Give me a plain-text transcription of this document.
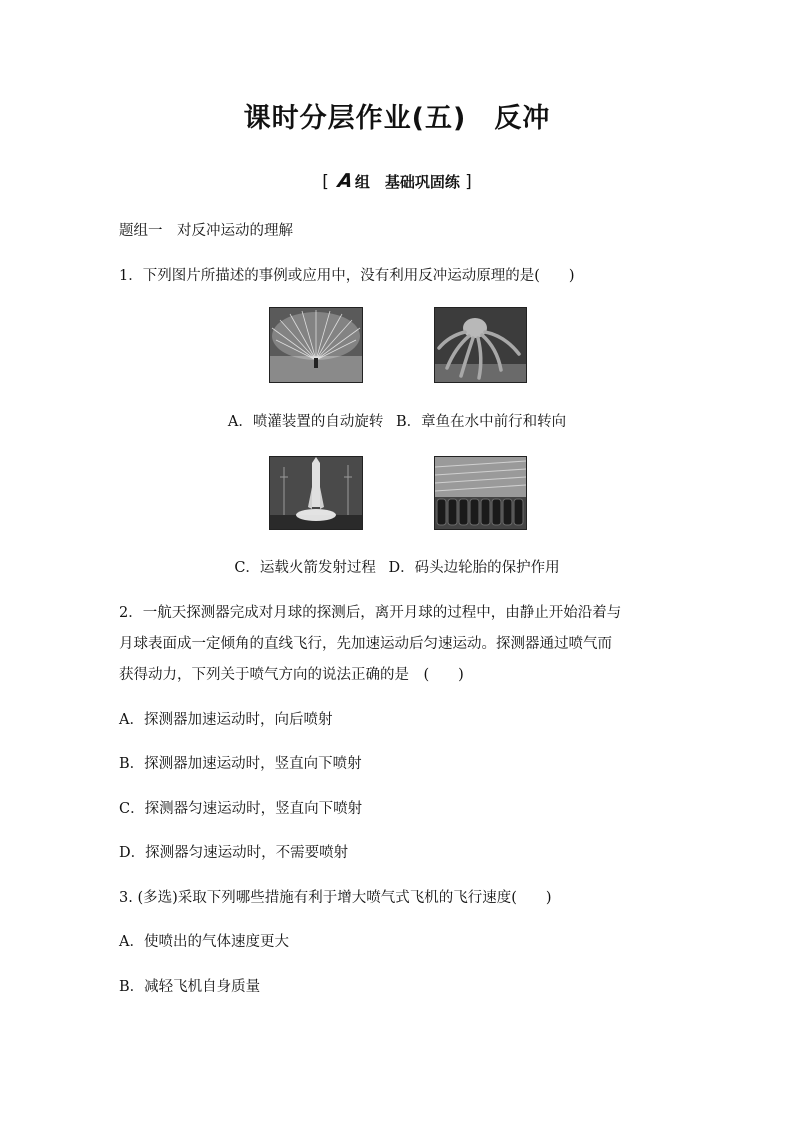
课时分层作业(五)　反冲
[ A组　基础巩固练 ]
题组一　对反冲运动的理解
1．下列图片所描述的事例或应用中，没有利用反冲运动原理的是(　　)
A．喷灌装置的自动旋转 B．章鱼在水中前行和转向
C．运载火箭发射过程 D．码头边轮胎的保护作用
2．一航天探测器完成对月球的探测后，离开月球的过程中，由静止开始沿着与
月球表面成一定倾角的直线飞行，先加速运动后匀速运动。探测器通过喷气而
获得动力，下列关于喷气方向的说法正确的是　(　　)
A．探测器加速运动时，向后喷射
B．探测器加速运动时，竖直向下喷射
C．探测器匀速运动时，竖直向下喷射
D．探测器匀速运动时，不需要喷射
3. (多选)采取下列哪些措施有利于增大喷气式飞机的飞行速度(　　)
A．使喷出的气体速度更大
B．减轻飞机自身质量
